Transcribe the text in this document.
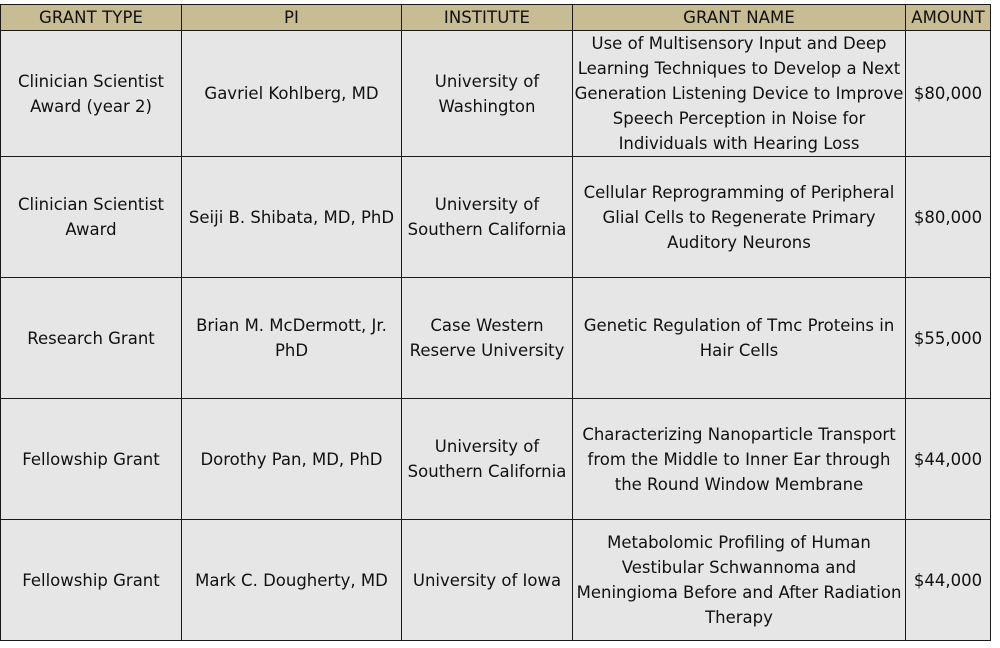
GRANT TYPE	PI	INSTITUTE	GRANT NAME	AMOUNT
Clinician Scientist Award (year 2)	Gavriel Kohlberg, MD	University of Washington	Use of Multisensory Input and Deep Learning Techniques to Develop a Next Generation Listening Device to Improve Speech Perception in Noise for Individuals with Hearing Loss	$80,000
Clinician Scientist Award	Seiji B. Shibata, MD, PhD	University of Southern California	Cellular Reprogramming of Peripheral Glial Cells to Regenerate Primary Auditory Neurons	$80,000
Research Grant	Brian M. McDermott, Jr. PhD	Case Western Reserve University	Genetic Regulation of Tmc Proteins in Hair Cells	$55,000
Fellowship Grant	Dorothy Pan, MD, PhD	University of Southern California	Characterizing Nanoparticle Transport from the Middle to Inner Ear through the Round Window Membrane	$44,000
Fellowship Grant	Mark C. Dougherty, MD	University of Iowa	Metabolomic Profiling of Human Vestibular Schwannoma and Meningioma Before and After Radiation Therapy	$44,000
